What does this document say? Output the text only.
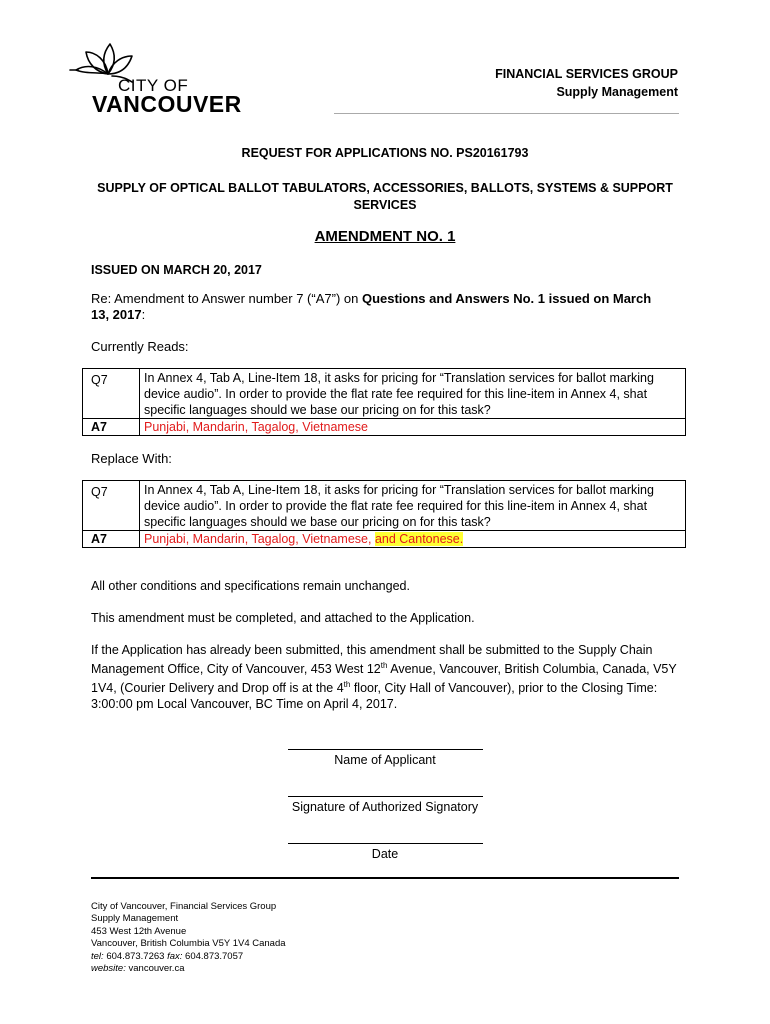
CITY OF
VANCOUVER
FINANCIAL SERVICES GROUP
Supply Management
REQUEST FOR APPLICATIONS NO. PS20161793
SUPPLY OF OPTICAL BALLOT TABULATORS, ACCESSORIES, BALLOTS, SYSTEMS & SUPPORT SERVICES
AMENDMENT NO. 1
ISSUED ON MARCH 20, 2017
Re: Amendment to Answer number 7 (“A7”) on Questions and Answers No. 1 issued on March 13, 2017:
Currently Reads:
Q7	In Annex 4, Tab A, Line-Item 18, it asks for pricing for “Translation services for ballot marking device audio”. In order to provide the flat rate fee required for this line-item in Annex 4, shat specific languages should we base our pricing on for this task?
A7	Punjabi, Mandarin, Tagalog, Vietnamese
Replace With:
Q7	In Annex 4, Tab A, Line-Item 18, it asks for pricing for “Translation services for ballot marking device audio”. In order to provide the flat rate fee required for this line-item in Annex 4, shat specific languages should we base our pricing on for this task?
A7	Punjabi, Mandarin, Tagalog, Vietnamese, and Cantonese.
All other conditions and specifications remain unchanged.
This amendment must be completed, and attached to the Application.
If the Application has already been submitted, this amendment shall be submitted to the Supply Chain Management Office, City of Vancouver, 453 West 12th Avenue, Vancouver, British Columbia, Canada, V5Y 1V4, (Courier Delivery and Drop off is at the 4th floor, City Hall of Vancouver), prior to the Closing Time: 3:00:00 pm Local Vancouver, BC Time on April 4, 2017.
Name of Applicant
Signature of Authorized Signatory
Date
City of Vancouver, Financial Services Group
Supply Management
453 West 12th Avenue
Vancouver, British Columbia V5Y 1V4 Canada
tel: 604.873.7263 fax: 604.873.7057
website: vancouver.ca
